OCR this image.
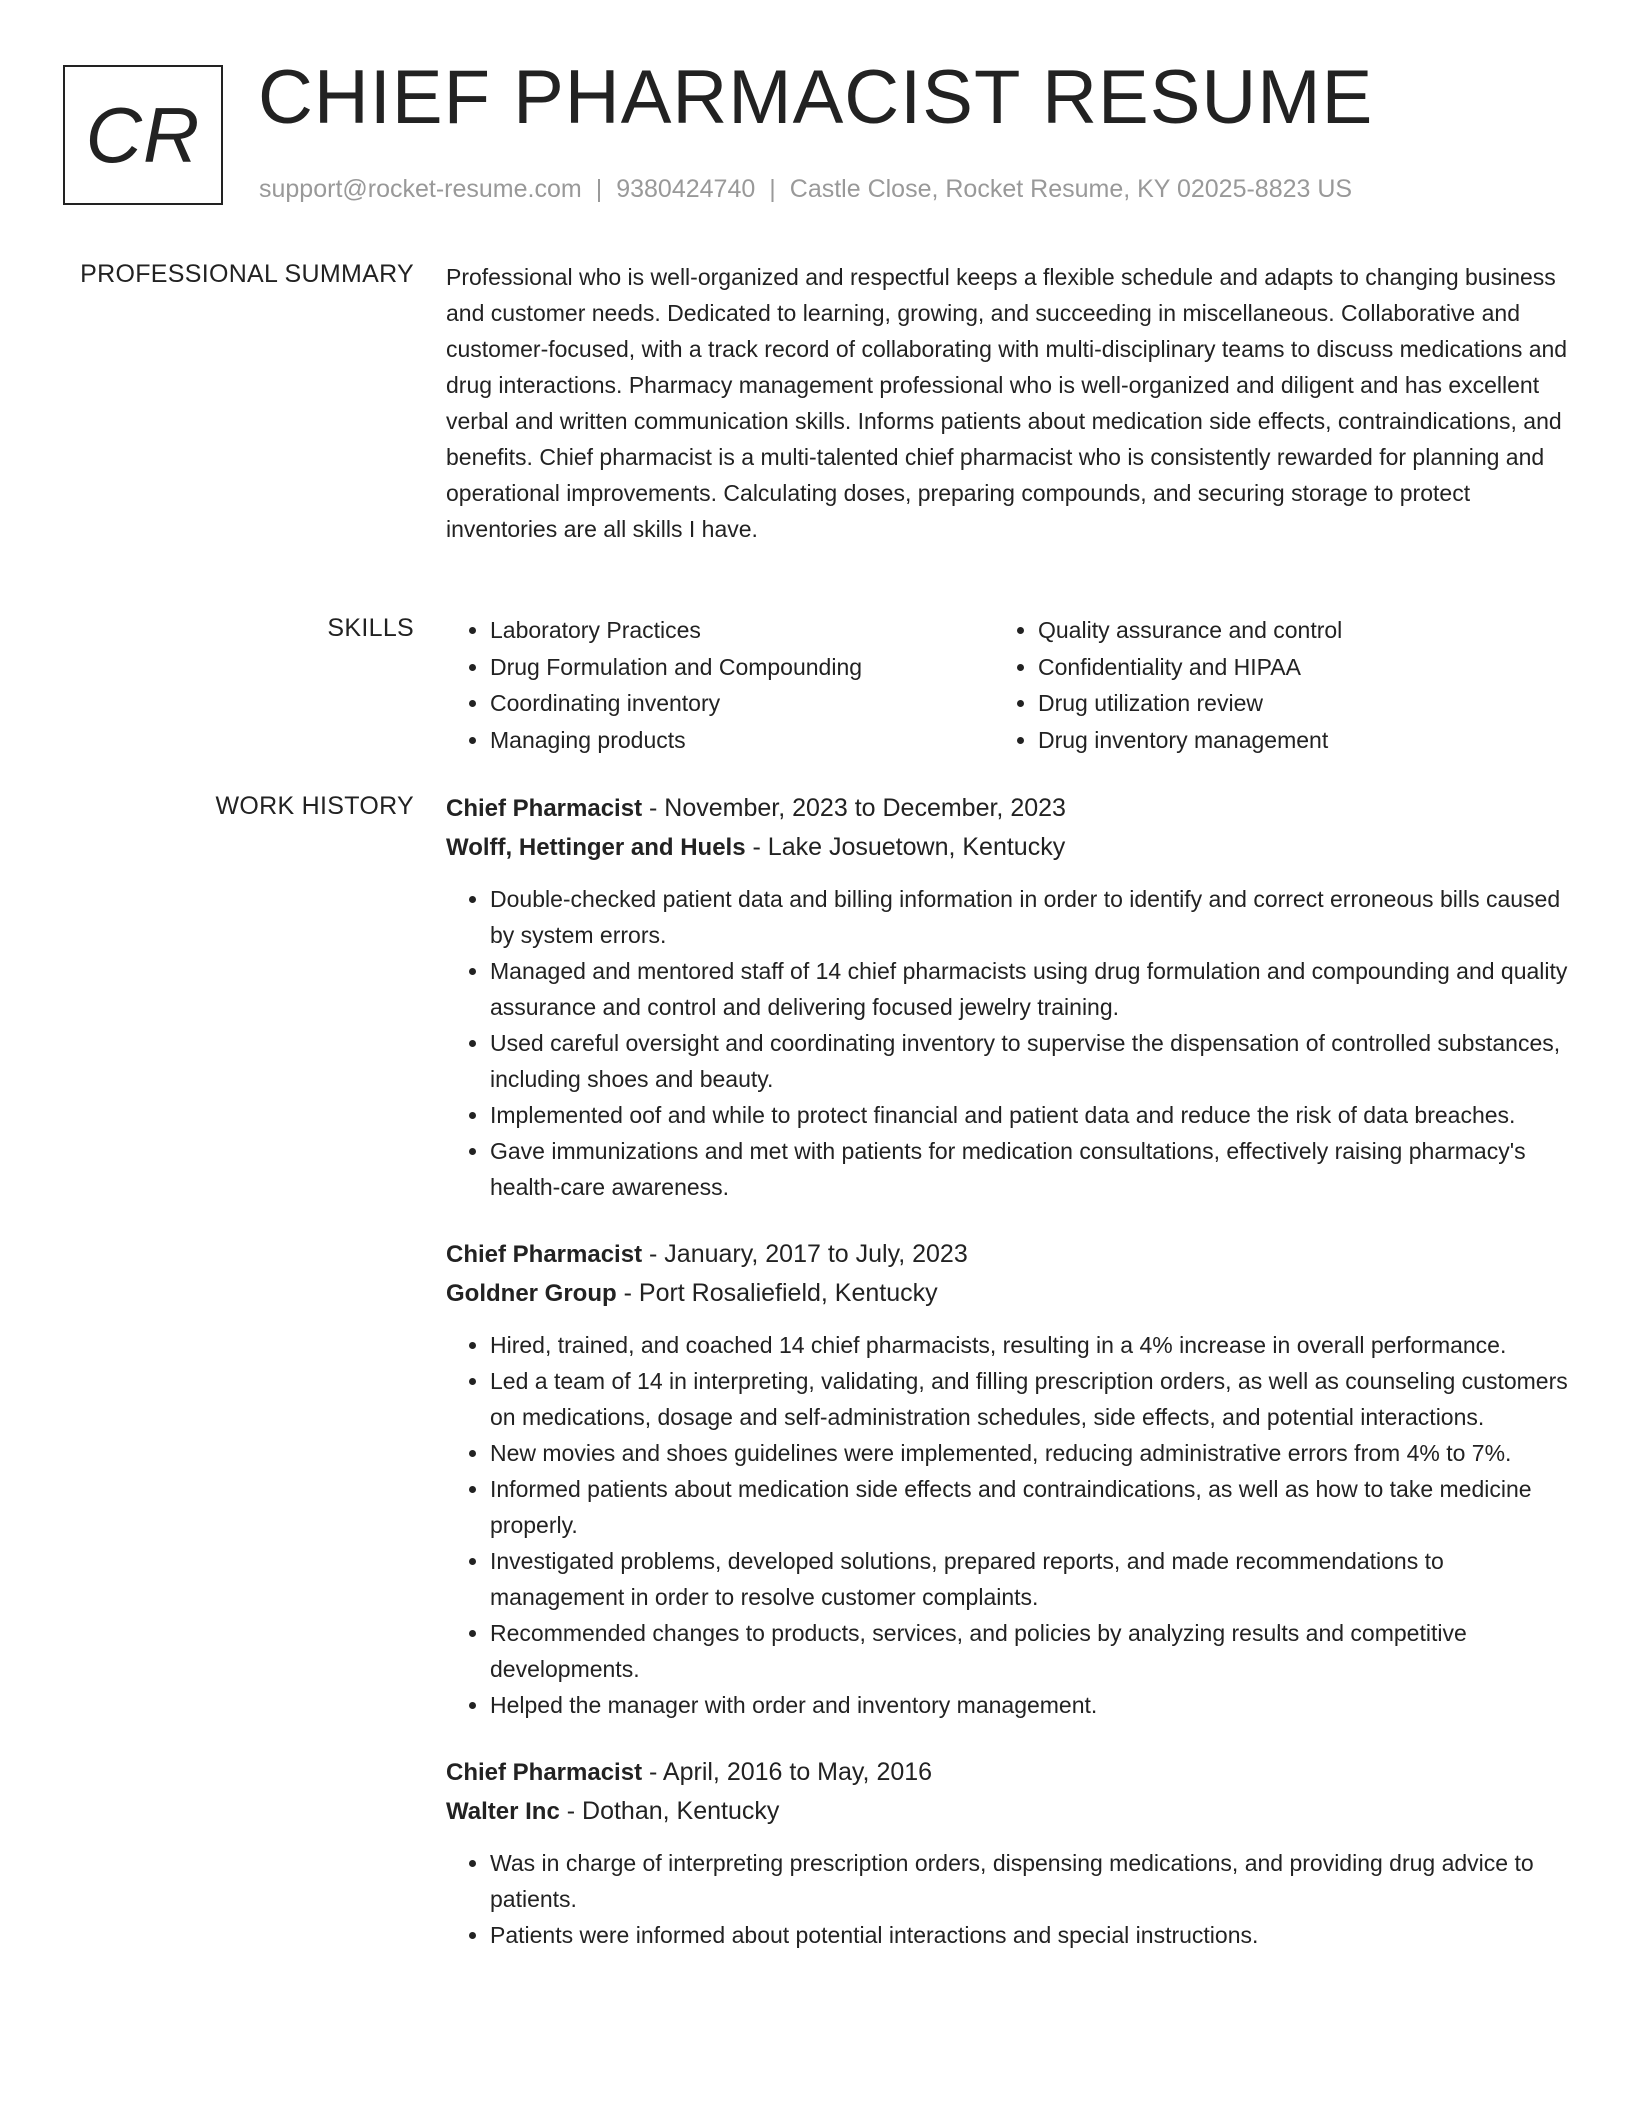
CR CHIEF PHARMACIST RESUME
support@rocket-resume.com | 9380424740 | Castle Close, Rocket Resume, KY 02025-8823 US
PROFESSIONAL SUMMARY Professional who is well-organized and respectful keeps a flexible schedule and adapts to changing business and customer needs. Dedicated to learning, growing, and succeeding in miscellaneous. Collaborative and customer-focused, with a track record of collaborating with multi-disciplinary teams to discuss medications and drug interactions. Pharmacy management professional who is well-organized and diligent and has excellent verbal and written communication skills. Informs patients about medication side effects, contraindications, and benefits. Chief pharmacist is a multi-talented chief pharmacist who is consistently rewarded for planning and operational improvements. Calculating doses, preparing compounds, and securing storage to protect inventories are all skills I have.

SKILLS
•	Laboratory Practices
• Drug Formulation and Compounding
• Coordinating inventory
• Managing products
• Quality assurance and control
• Confidentiality and HIPAA
• Drug utilization review
• Drug inventory management
WORK HISTORY Chief Pharmacist - November, 2023 to December, 2023
Wolff, Hettinger and Huels - Lake Josuetown, Kentucky
• Double-checked patient data and billing information in order to identify and correct erroneous bills caused by system errors.
• Managed and mentored staff of 14 chief pharmacists using drug formulation and compounding and quality assurance and control and delivering focused jewelry training.
• Used careful oversight and coordinating inventory to supervise the dispensation of controlled substances, including shoes and beauty.
• Implemented oof and while to protect financial and patient data and reduce the risk of data breaches.
• Gave immunizations and met with patients for medication consultations, effectively raising pharmacy's health-care awareness.
Chief Pharmacist - January, 2017 to July, 2023
Goldner Group - Port Rosaliefield, Kentucky
• Hired, trained, and coached 14 chief pharmacists, resulting in a 4% increase in overall performance.
• Led a team of 14 in interpreting, validating, and filling prescription orders, as well as counseling customers on medications, dosage and self-administration schedules, side effects, and potential interactions.
• New movies and shoes guidelines were implemented, reducing administrative errors from 4% to 7%.
• Informed patients about medication side effects and contraindications, as well as how to take medicine properly.
• Investigated problems, developed solutions, prepared reports, and made recommendations to management in order to resolve customer complaints.
• Recommended changes to products, services, and policies by analyzing results and competitive developments.
• Helped the manager with order and inventory management.
Chief Pharmacist - April, 2016 to May, 2016
Walter Inc - Dothan, Kentucky
• Was in charge of interpreting prescription orders, dispensing medications, and providing drug advice to patients.
• Patients were informed about potential interactions and special instructions.
